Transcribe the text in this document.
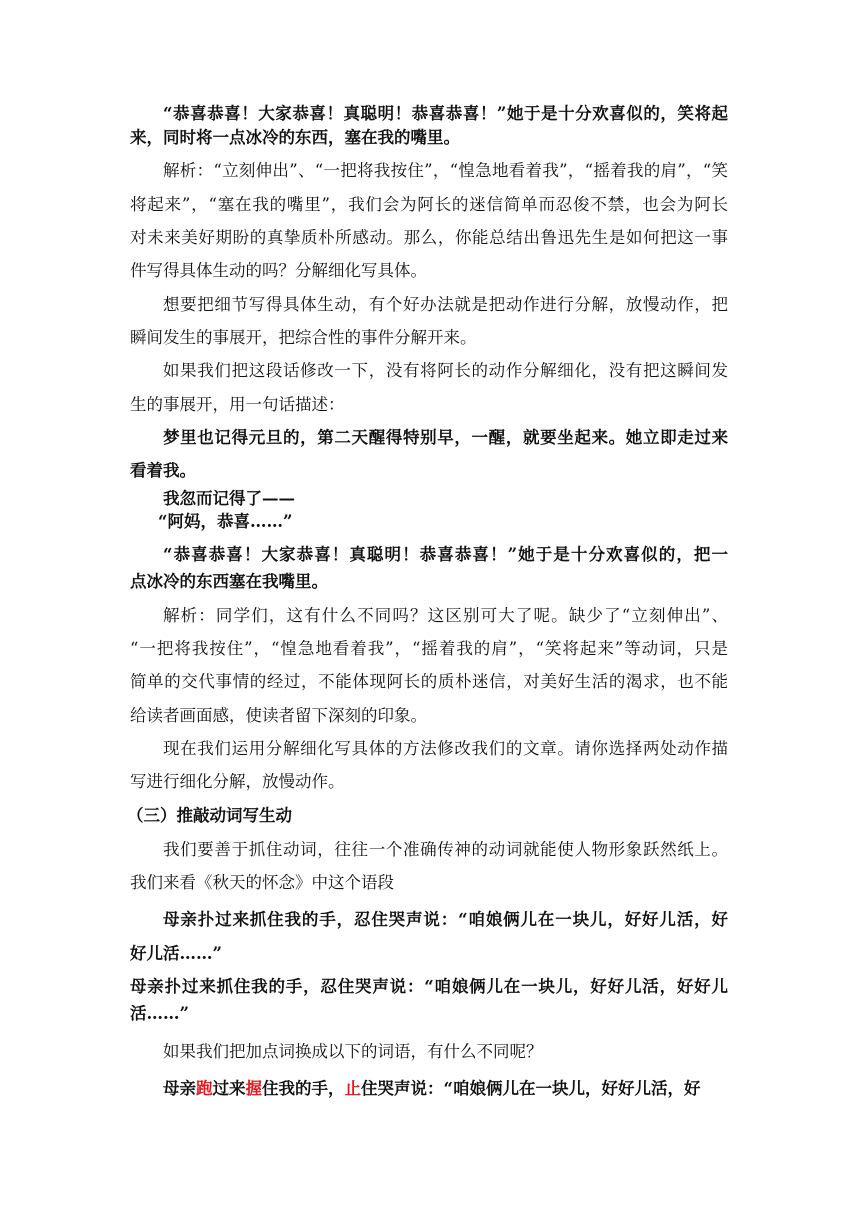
“恭喜恭喜！大家恭喜！真聪明！恭喜恭喜！”她于是十分欢喜似的，笑将起
来，同时将一点冰冷的东西，塞在我的嘴里。
解析：“立刻伸出”、“一把将我按住”，“惶急地看着我”，“摇着我的肩”，“笑
将起来”，“塞在我的嘴里”，我们会为阿长的迷信简单而忍俊不禁，也会为阿长
对未来美好期盼的真挚质朴所感动。那么，你能总结出鲁迅先生是如何把这一事
件写得具体生动的吗？分解细化写具体。
想要把细节写得具体生动，有个好办法就是把动作进行分解，放慢动作，把
瞬间发生的事展开，把综合性的事件分解开来。
如果我们把这段话修改一下，没有将阿长的动作分解细化，没有把这瞬间发
生的事展开，用一句话描述：
梦里也记得元旦的，第二天醒得特别早，一醒，就要坐起来。她立即走过来
看着我。
我忽而记得了——
“阿妈，恭喜……”
“恭喜恭喜！大家恭喜！真聪明！恭喜恭喜！”她于是十分欢喜似的，把一
点冰冷的东西塞在我嘴里。
解析：同学们，这有什么不同吗？这区别可大了呢。缺少了“立刻伸出”、
“一把将我按住”，“惶急地看着我”，“摇着我的肩”，“笑将起来”等动词，只是
简单的交代事情的经过，不能体现阿长的质朴迷信，对美好生活的渴求，也不能
给读者画面感，使读者留下深刻的印象。
现在我们运用分解细化写具体的方法修改我们的文章。请你选择两处动作描
写进行细化分解，放慢动作。
（三）推敲动词写生动
我们要善于抓住动词，往往一个准确传神的动词就能使人物形象跃然纸上。
我们来看《秋天的怀念》中这个语段
母亲扑过来抓住我的手，忍住哭声说：“咱娘俩儿在一块儿，好好儿活，好
好儿活……”
母亲扑过来抓住我的手，忍住哭声说：“咱娘俩儿在一块儿，好好儿活，好好儿
活……”
如果我们把加点词换成以下的词语，有什么不同呢？
母亲跑过来握住我的手，止住哭声说：“咱娘俩儿在一块儿，好好儿活，好
